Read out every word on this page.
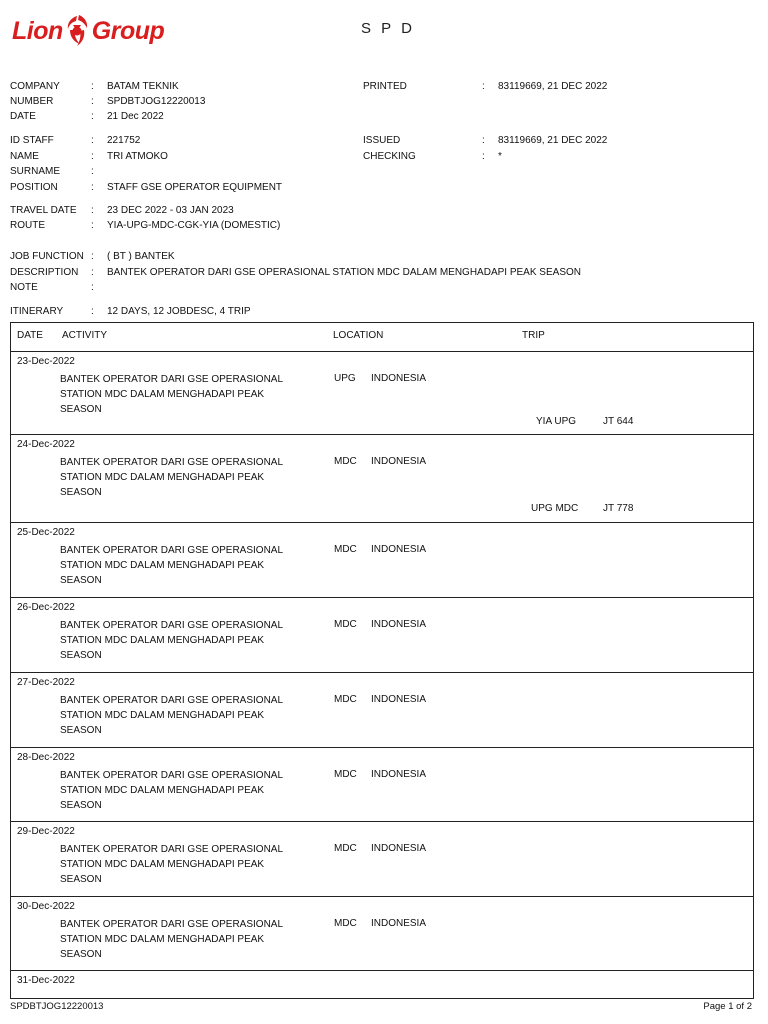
Lion Group	S P D
COMPANY	: BATAM TEKNIK	PRINTED	: 83119669, 21 DEC 2022
NUMBER	: SPDBTJOG12220013
DATE	: 21 Dec 2022
ID STAFF	: 221752	ISSUED	: 83119669, 21 DEC 2022
NAME	: TRI ATMOKO	CHECKING	: *
SURNAME	:
POSITION	: STAFF GSE OPERATOR EQUIPMENT
TRAVEL DATE : 23 DEC 2022 - 03 JAN 2023
ROUTE	: YIA-UPG-MDC-CGK-YIA (DOMESTIC)
JOB FUNCTION : ( BT ) BANTEK
DESCRIPTION : BANTEK OPERATOR DARI GSE OPERASIONAL STATION MDC DALAM MENGHADAPI PEAK SEASON
NOTE	:
ITINERARY	: 12 DAYS, 12 JOBDESC, 4 TRIP
DATE ACTIVITY	LOCATION	TRIP
23-Dec-2022
BANTEK OPERATOR DARI GSE OPERASIONAL STATION MDC DALAM MENGHADAPI PEAK SEASON
UPG INDONESIA
YIA UPG	JT 644
24-Dec-2022
BANTEK OPERATOR DARI GSE OPERASIONAL STATION MDC DALAM MENGHADAPI PEAK SEASON
MDC INDONESIA
UPG MDC JT 778
25-Dec-2022
BANTEK OPERATOR DARI GSE OPERASIONAL STATION MDC DALAM MENGHADAPI PEAK SEASON
MDC INDONESIA
26-Dec-2022
BANTEK OPERATOR DARI GSE OPERASIONAL STATION MDC DALAM MENGHADAPI PEAK SEASON
MDC INDONESIA
27-Dec-2022
BANTEK OPERATOR DARI GSE OPERASIONAL STATION MDC DALAM MENGHADAPI PEAK SEASON
MDC INDONESIA
28-Dec-2022
BANTEK OPERATOR DARI GSE OPERASIONAL STATION MDC DALAM MENGHADAPI PEAK SEASON
MDC INDONESIA
29-Dec-2022
BANTEK OPERATOR DARI GSE OPERASIONAL STATION MDC DALAM MENGHADAPI PEAK SEASON
MDC INDONESIA
30-Dec-2022
BANTEK OPERATOR DARI GSE OPERASIONAL STATION MDC DALAM MENGHADAPI PEAK SEASON
MDC INDONESIA
31-Dec-2022
SPDBTJOG12220013	Page 1 of 2
